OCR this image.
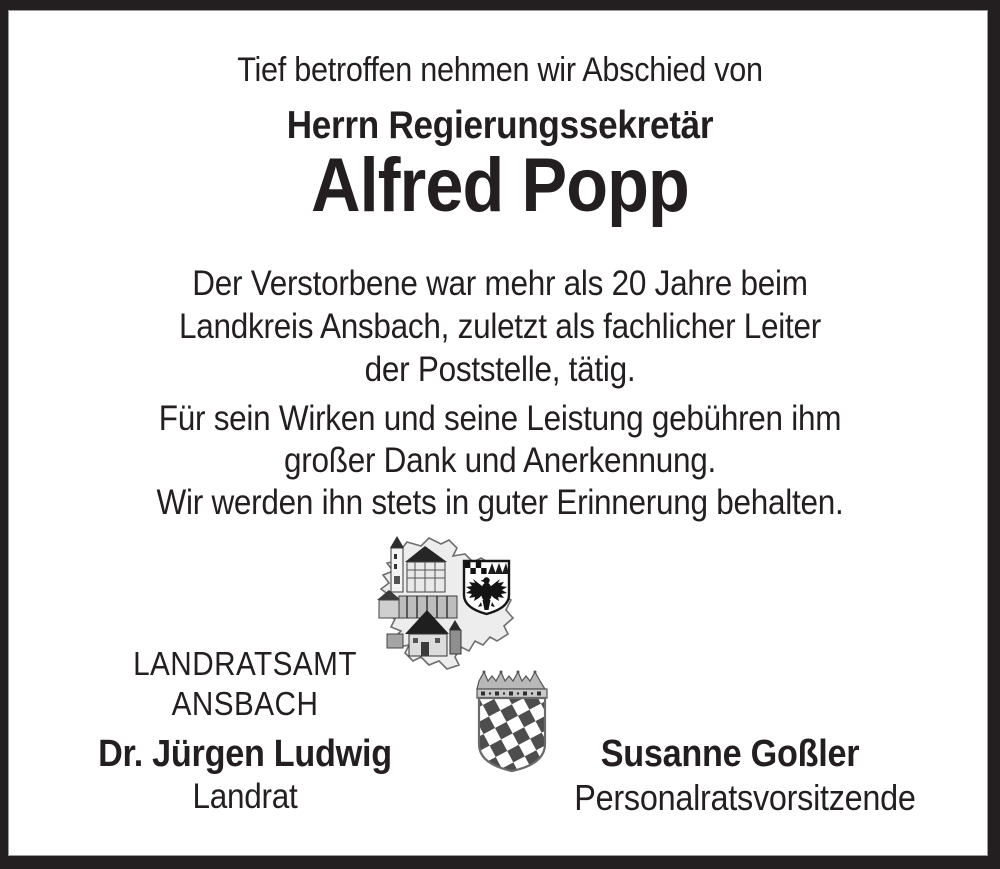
Tief betroffen nehmen wir Abschied von
Herrn Regierungssekretär
Alfred Popp
Der Verstorbene war mehr als 20 Jahre beim
Landkreis Ansbach, zuletzt als fachlicher Leiter
der Poststelle, tätig.
Für sein Wirken und seine Leistung gebühren ihm
großer Dank und Anerkennung.
Wir werden ihn stets in guter Erinnerung behalten.
LANDRATSAMT
ANSBACH
Dr. Jürgen Ludwig
Landrat
Susanne Goßler
Personalratsvorsitzende
